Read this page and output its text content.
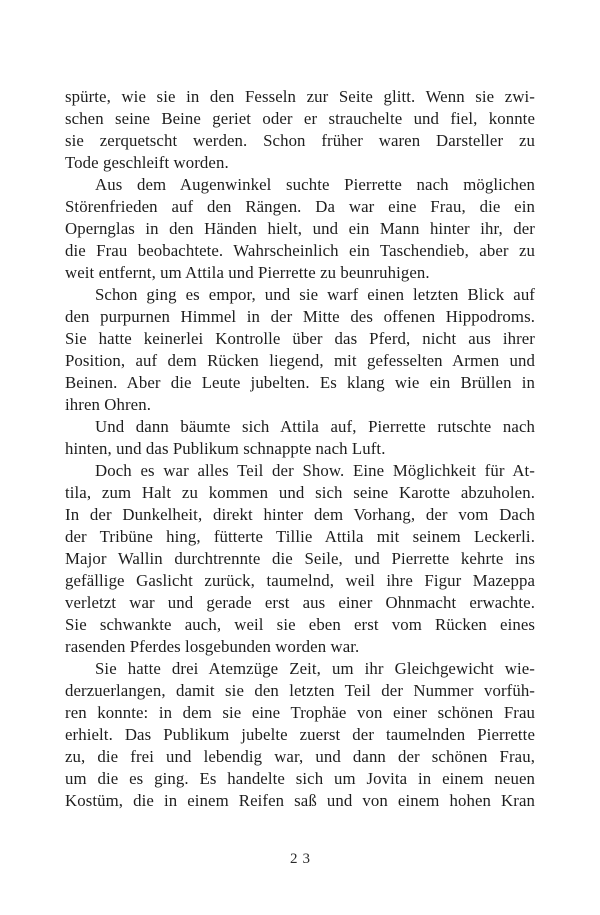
spürte, wie sie in den Fesseln zur Seite glitt. Wenn sie zwi-
schen seine Beine geriet oder er strauchelte und fiel, konnte
sie zerquetscht werden. Schon früher waren Darsteller zu
Tode geschleift worden.
Aus dem Augenwinkel suchte Pierrette nach möglichen
Störenfrieden auf den Rängen. Da war eine Frau, die ein
Opernglas in den Händen hielt, und ein Mann hinter ihr, der
die Frau beobachtete. Wahrscheinlich ein Taschendieb, aber zu
weit entfernt, um Attila und Pierrette zu beunruhigen.
Schon ging es empor, und sie warf einen letzten Blick auf
den purpurnen Himmel in der Mitte des offenen Hippodroms.
Sie hatte keinerlei Kontrolle über das Pferd, nicht aus ihrer
Position, auf dem Rücken liegend, mit gefesselten Armen und
Beinen. Aber die Leute jubelten. Es klang wie ein Brüllen in
ihren Ohren.
Und dann bäumte sich Attila auf, Pierrette rutschte nach
hinten, und das Publikum schnappte nach Luft.
Doch es war alles Teil der Show. Eine Möglichkeit für At-
tila, zum Halt zu kommen und sich seine Karotte abzuholen.
In der Dunkelheit, direkt hinter dem Vorhang, der vom Dach
der Tribüne hing, fütterte Tillie Attila mit seinem Leckerli.
Major Wallin durchtrennte die Seile, und Pierrette kehrte ins
gefällige Gaslicht zurück, taumelnd, weil ihre Figur Mazeppa
verletzt war und gerade erst aus einer Ohnmacht erwachte.
Sie schwankte auch, weil sie eben erst vom Rücken eines
rasenden Pferdes losgebunden worden war.
Sie hatte drei Atemzüge Zeit, um ihr Gleichgewicht wie-
derzuerlangen, damit sie den letzten Teil der Nummer vorfüh-
ren konnte: in dem sie eine Trophäe von einer schönen Frau
erhielt. Das Publikum jubelte zuerst der taumelnden Pierrette
zu, die frei und lebendig war, und dann der schönen Frau,
um die es ging. Es handelte sich um Jovita in einem neuen
Kostüm, die in einem Reifen saß und von einem hohen Kran
23
